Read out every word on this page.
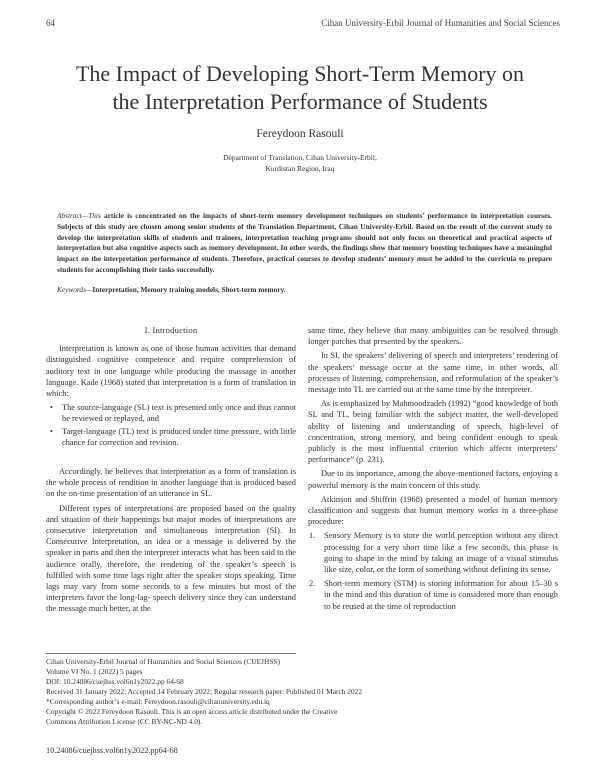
64	Cihan University-Erbil Journal of Humanities and Social Sciences
The Impact of Developing Short-Term Memory on
the Interpretation Performance of Students
Fereydoon Rasouli
Department of Translation, Cihan University-Erbil,
Kurdistan Region, Iraq
Abstract—This article is concentrated on the impacts of short-term memory development techniques on students’ performance in interpretation courses. Subjects of this study are chosen among senior students of the Translation Department, Cihan University-Erbil. Based on the result of the current study to develop the interpretation skills of students and trainees, interpretation teaching programs should not only focus on theoretical and practical aspects of interpretation but also cognitive aspects such as memory development. In other words, the findings show that memory boosting techniques have a meaningful impact on the interpretation performance of students. Therefore, practical courses to develop students’ memory must be added to the curricula to prepare students for accomplishing their tasks successfully.
Keywords—Interpretation, Memory training models, Short-term memory.
I. Introduction

Interpretation is known as one of those human activities that demand distinguished cognitive competence and require comprehension of auditory text in one language while producing the massage in another language. Kade (1968) stated that interpretation is a form of translation in which:

• The source-language (SL) text is presented only once and thus cannot be reviewed or replayed, and
• Target-language (TL) text is produced under time pressure, with little chance for correction and revision.

Accordingly, he believes that interpretation as a form of translation is the whole process of rendition in another language that is produced based on the on-time presentation of an utterance in SL.

Different types of interpretations are proposed based on the quality and situation of their happenings but major modes of interpretations are consecutive interpretation and simultaneous interpretation (SI). In Consecutive Interpretation, an idea or a message is delivered by the speaker in parts and then the interpreter interacts what has been said to the audience orally, therefore, the rendering of the speaker’s speech is fulfilled with some time lags right after the speaker stops speaking. Time lags may vary from some seconds to a few minutes but most of the interpreters favor the long-lag- speech delivery since they can understand the message much better, at the

same time, they believe that many ambiguities can be resolved through longer patches that presented by the speakers.

In SI, the speakers’ delivering of speech and interpreters’ rendering of the speakers’ message occur at the same time, in other words, all processes of listening, comprehension, and reformulation of the speaker’s message into TL are carried out at the same time by the interpreter.

As is emphasized by Mahmoodzadeh (1992) “good knowledge of both SL and TL, being familiar with the subject matter, the well-developed ability of listening and understanding of speech, high-level of concentration, strong memory, and being confident enough to speak publicly is the most influential criterion which affects interpreters’ performance” (p. 231).

Due to its importance, among the above-mentioned factors, enjoying a powerful memory is the main concern of this study.

Atkinson and Shiffrin (1968) presented a model of human memory classification and suggests that human memory works in a three-phase procedure:

1. Sensory Memory is to store the world perception without any direct processing for a very short time like a few seconds, this phase is going to shape in the mind by taking an image of a visual stimulus like size, color, or the form of something without defining its sense.
2. Short-term memory (STM) is storing information for about 15–30 s in the mind and this duration of time is considered more than enough to be reused at the time of reproduction
Cihan University-Erbil Journal of Humanities and Social Sciences (CUEJHSS)
Volume VI No. 1 (2022) 5 pages
DOI: 10.24086/cuejhss.vol6n1y2022.pp 64-68
Received 31 January 2022; Accepted 14 February 2022; Regular research paper: Published 01 March 2022
*Corresponding author’s e-mail: Fereydoon.rasouli@cihanuniversity.edu.iq
Copyright © 2022 Fereydoon Rasouli. This is an open access article distributed under the Creative
Commons Attribution License (CC BY-NC-ND 4.0).
10.24086/cuejhss.vol6n1y2022.pp64-68
